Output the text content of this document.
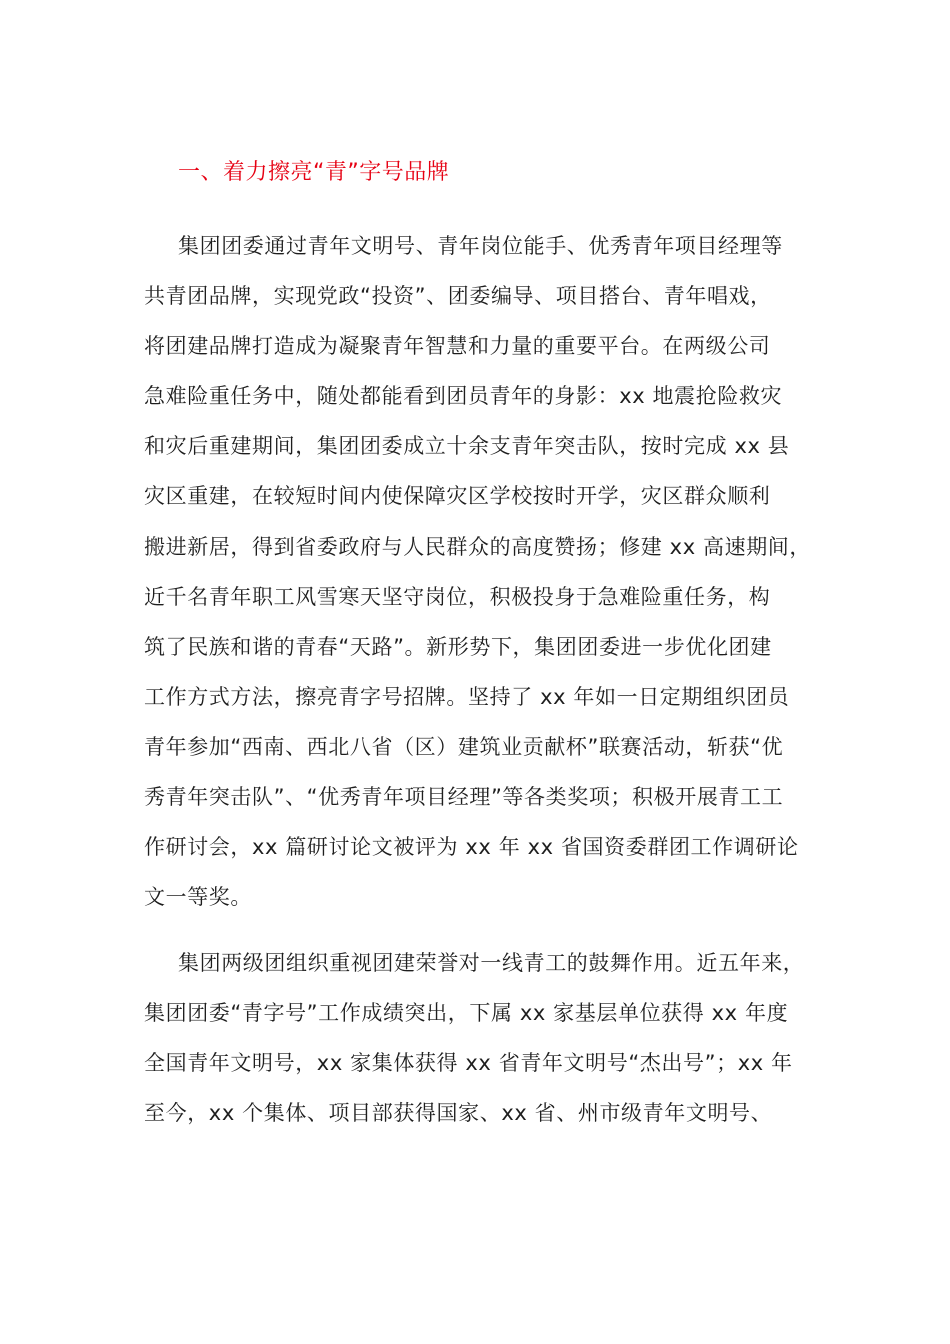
一、着力擦亮“青”字号品牌
集团团委通过青年文明号、青年岗位能手、优秀青年项目经理等
共青团品牌，实现党政“投资”、团委编导、项目搭台、青年唱戏，
将团建品牌打造成为凝聚青年智慧和力量的重要平台。在两级公司
急难险重任务中，随处都能看到团员青年的身影：xx 地震抢险救灾
和灾后重建期间，集团团委成立十余支青年突击队，按时完成 xx 县
灾区重建，在较短时间内使保障灾区学校按时开学，灾区群众顺利
搬进新居，得到省委政府与人民群众的高度赞扬；修建 xx 高速期间，
近千名青年职工风雪寒天坚守岗位，积极投身于急难险重任务，构
筑了民族和谐的青春“天路”。新形势下，集团团委进一步优化团建
工作方式方法，擦亮青字号招牌。坚持了 xx 年如一日定期组织团员
青年参加“西南、西北八省（区）建筑业贡献杯”联赛活动，斩获“优
秀青年突击队”、“优秀青年项目经理”等各类奖项；积极开展青工工
作研讨会，xx 篇研讨论文被评为 xx 年 xx 省国资委群团工作调研论
文一等奖。
集团两级团组织重视团建荣誉对一线青工的鼓舞作用。近五年来，
集团团委“青字号”工作成绩突出，下属 xx 家基层单位获得 xx 年度
全国青年文明号，xx 家集体获得 xx 省青年文明号“杰出号”；xx 年
至今，xx 个集体、项目部获得国家、xx 省、州市级青年文明号、
